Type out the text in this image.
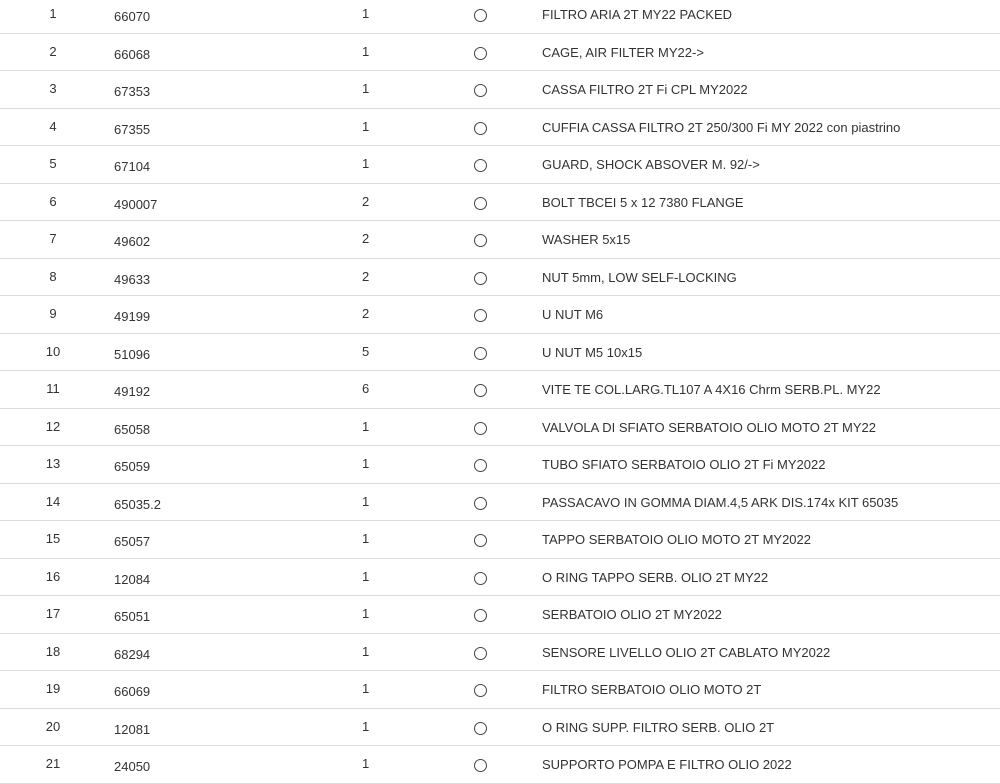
1	66070	1	FILTRO ARIA 2T MY22 PACKED
2	66068	1	CAGE, AIR FILTER MY22->
3	67353	1	CASSA FILTRO 2T Fi CPL MY2022
4	67355	1	CUFFIA CASSA FILTRO 2T 250/300 Fi MY 2022 con piastrino
5	67104	1	GUARD, SHOCK ABSOVER M. 92/->
6	490007	2	BOLT TBCEI 5 x 12 7380 FLANGE
7	49602	2	WASHER 5x15
8	49633	2	NUT 5mm, LOW SELF-LOCKING
9	49199	2	U NUT M6
10	51096	5	U NUT M5 10x15
11	49192	6	VITE TE COL.LARG.TL107 A 4X16 Chrm SERB.PL. MY22
12	65058	1	VALVOLA DI SFIATO SERBATOIO OLIO MOTO 2T MY22
13	65059	1	TUBO SFIATO SERBATOIO OLIO 2T Fi MY2022
14	65035.2	1	PASSACAVO IN GOMMA DIAM.4,5 ARK DIS.174x KIT 65035
15	65057	1	TAPPO SERBATOIO OLIO MOTO 2T MY2022
16	12084	1	O RING TAPPO SERB. OLIO 2T MY22
17	65051	1	SERBATOIO OLIO 2T MY2022
18	68294	1	SENSORE LIVELLO OLIO 2T CABLATO MY2022
19	66069	1	FILTRO SERBATOIO OLIO MOTO 2T
20	12081	1	O RING SUPP. FILTRO SERB. OLIO 2T
21	24050	1	SUPPORTO POMPA E FILTRO OLIO 2022
